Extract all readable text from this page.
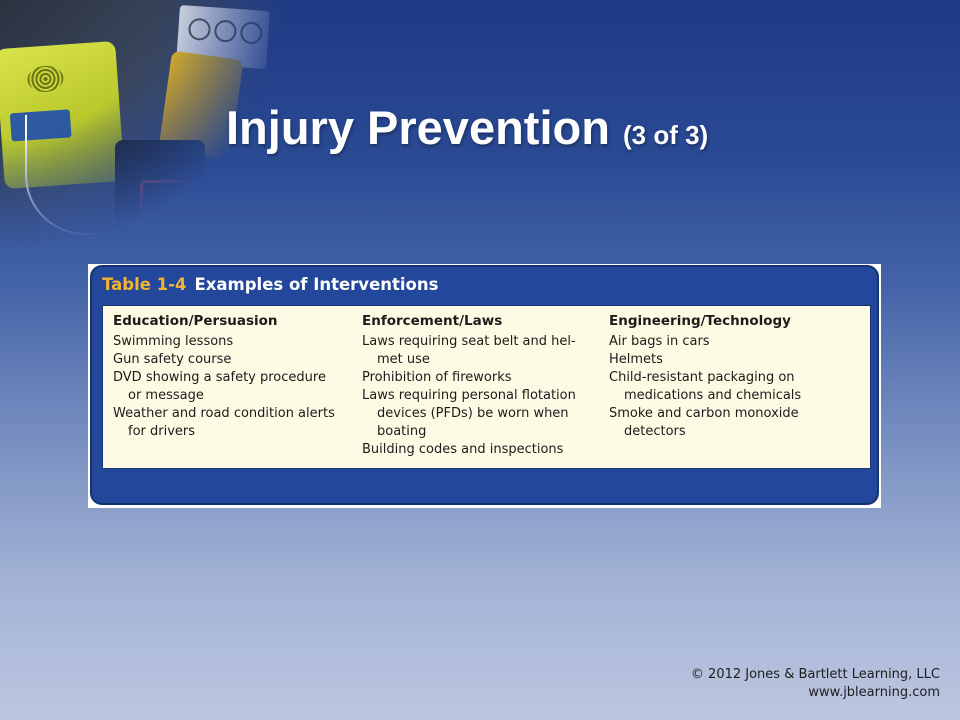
Injury Prevention (3 of 3)
Table 1-4 Examples of Interventions
Education/Persuasion
Swimming lessons
Gun safety course
DVD showing a safety procedure
or message
Weather and road condition alerts
for drivers
Enforcement/Laws
Laws requiring seat belt and hel-
met use
Prohibition of fireworks
Laws requiring personal flotation
devices (PFDs) be worn when
boating
Building codes and inspections
Engineering/Technology
Air bags in cars
Helmets
Child-resistant packaging on
medications and chemicals
Smoke and carbon monoxide
detectors
© 2012 Jones & Bartlett Learning, LLC
www.jblearning.com
